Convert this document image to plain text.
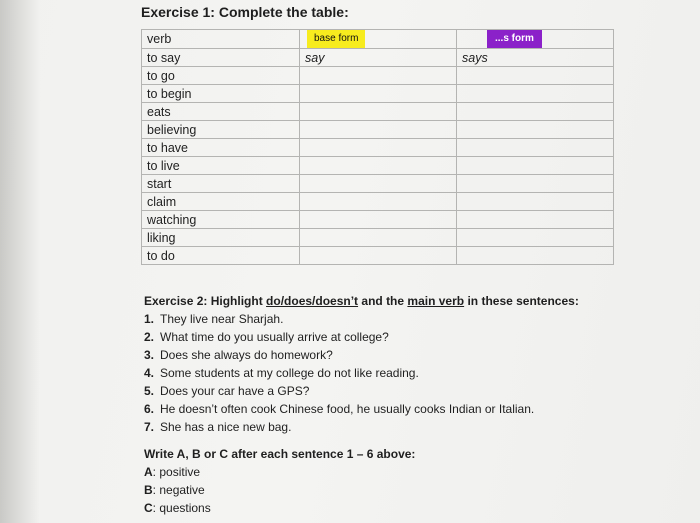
Exercise 1: Complete the table:
verb	base form	...s form
to say	say	says
to go		
to begin		
eats		
believing		
to have		
to live		
start		
claim		
watching		
liking		
to do		
Exercise 2: Highlight do/does/doesn’t and the main verb in these sentences:
1. They live near Sharjah.
2. What time do you usually arrive at college?
3. Does she always do homework?
4. Some students at my college do not like reading.
5. Does your car have a GPS?
6. He doesn’t often cook Chinese food, he usually cooks Indian or Italian.
7. She has a nice new bag.
Write A, B or C after each sentence 1 – 6 above:
A: positive
B: negative
C: questions
